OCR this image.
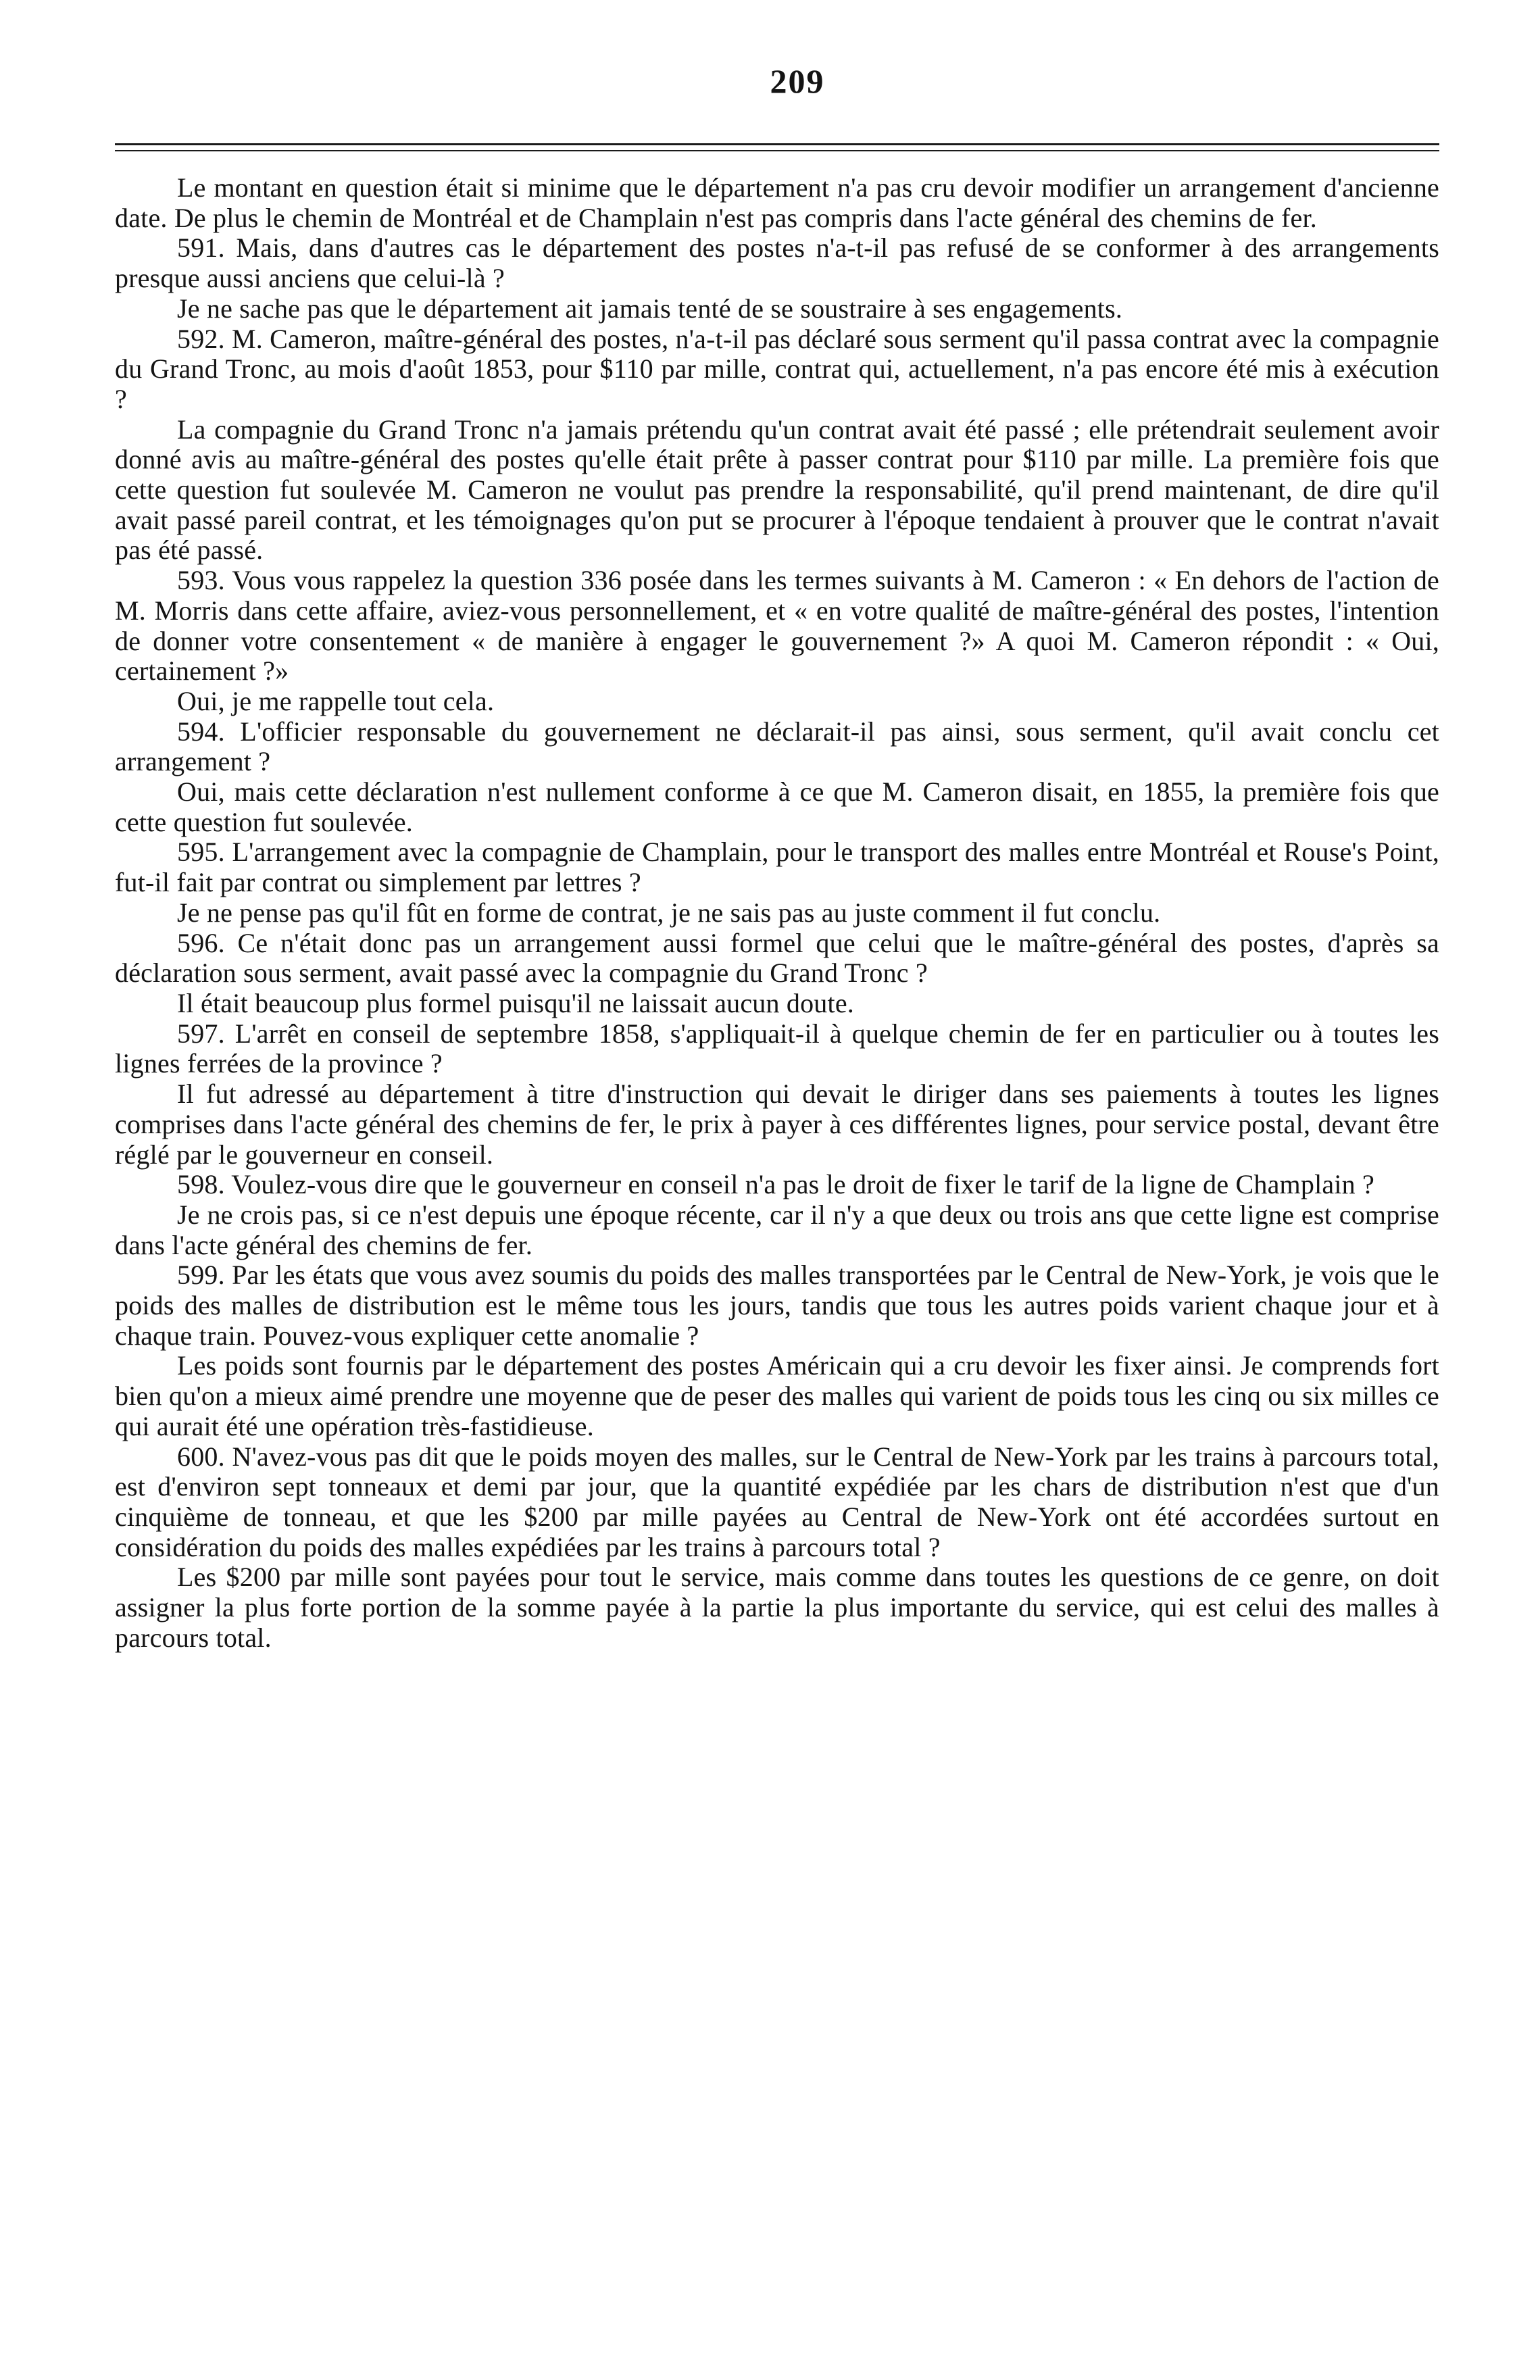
209

Le montant en question était si minime que le département n'a pas cru devoir modifier un arrangement d'ancienne date. De plus le chemin de Montréal et de Champlain n'est pas compris dans l'acte général des chemins de fer.

591. Mais, dans d'autres cas le département des postes n'a-t-il pas refusé de se conformer à des arrangements presque aussi anciens que celui-là ?

Je ne sache pas que le département ait jamais tenté de se soustraire à ses engagements.

592. M. Cameron, maître-général des postes, n'a-t-il pas déclaré sous serment qu'il passa contrat avec la compagnie du Grand Tronc, au mois d'août 1853, pour $110 par mille, contrat qui, actuellement, n'a pas encore été mis à exécution ?

La compagnie du Grand Tronc n'a jamais prétendu qu'un contrat avait été passé ; elle prétendrait seulement avoir donné avis au maître-général des postes qu'elle était prête à passer contrat pour $110 par mille. La première fois que cette question fut soulevée M. Cameron ne voulut pas prendre la responsabilité, qu'il prend maintenant, de dire qu'il avait passé pareil contrat, et les témoignages qu'on put se procurer à l'époque tendaient à prouver que le contrat n'avait pas été passé.

593. Vous vous rappelez la question 336 posée dans les termes suivants à M. Cameron : « En dehors de l'action de M. Morris dans cette affaire, aviez-vous personnellement, et « en votre qualité de maître-général des postes, l'intention de donner votre consentement « de manière à engager le gouvernement ?» A quoi M. Cameron répondit : « Oui, certainement ?»

Oui, je me rappelle tout cela.

594. L'officier responsable du gouvernement ne déclarait-il pas ainsi, sous serment, qu'il avait conclu cet arrangement ?

Oui, mais cette déclaration n'est nullement conforme à ce que M. Cameron disait, en 1855, la première fois que cette question fut soulevée.

595. L'arrangement avec la compagnie de Champlain, pour le transport des malles entre Montréal et Rouse's Point, fut-il fait par contrat ou simplement par lettres ?

Je ne pense pas qu'il fût en forme de contrat, je ne sais pas au juste comment il fut conclu.

596. Ce n'était donc pas un arrangement aussi formel que celui que le maître-général des postes, d'après sa déclaration sous serment, avait passé avec la compagnie du Grand Tronc ?

Il était beaucoup plus formel puisqu'il ne laissait aucun doute.

597. L'arrêt en conseil de septembre 1858, s'appliquait-il à quelque chemin de fer en particulier ou à toutes les lignes ferrées de la province ?

Il fut adressé au département à titre d'instruction qui devait le diriger dans ses paiements à toutes les lignes comprises dans l'acte général des chemins de fer, le prix à payer à ces différentes lignes, pour service postal, devant être réglé par le gouverneur en conseil.

598. Voulez-vous dire que le gouverneur en conseil n'a pas le droit de fixer le tarif de la ligne de Champlain ?

Je ne crois pas, si ce n'est depuis une époque récente, car il n'y a que deux ou trois ans que cette ligne est comprise dans l'acte général des chemins de fer.

599. Par les états que vous avez soumis du poids des malles transportées par le Central de New-York, je vois que le poids des malles de distribution est le même tous les jours, tandis que tous les autres poids varient chaque jour et à chaque train. Pouvez-vous expliquer cette anomalie ?

Les poids sont fournis par le département des postes Américain qui a cru devoir les fixer ainsi. Je comprends fort bien qu'on a mieux aimé prendre une moyenne que de peser des malles qui varient de poids tous les cinq ou six milles ce qui aurait été une opération très-fastidieuse.

600. N'avez-vous pas dit que le poids moyen des malles, sur le Central de New-York par les trains à parcours total, est d'environ sept tonneaux et demi par jour, que la quantité expédiée par les chars de distribution n'est que d'un cinquième de tonneau, et que les $200 par mille payées au Central de New-York ont été accordées surtout en considération du poids des malles expédiées par les trains à parcours total ?

Les $200 par mille sont payées pour tout le service, mais comme dans toutes les questions de ce genre, on doit assigner la plus forte portion de la somme payée à la partie la plus importante du service, qui est celui des malles à parcours total.
